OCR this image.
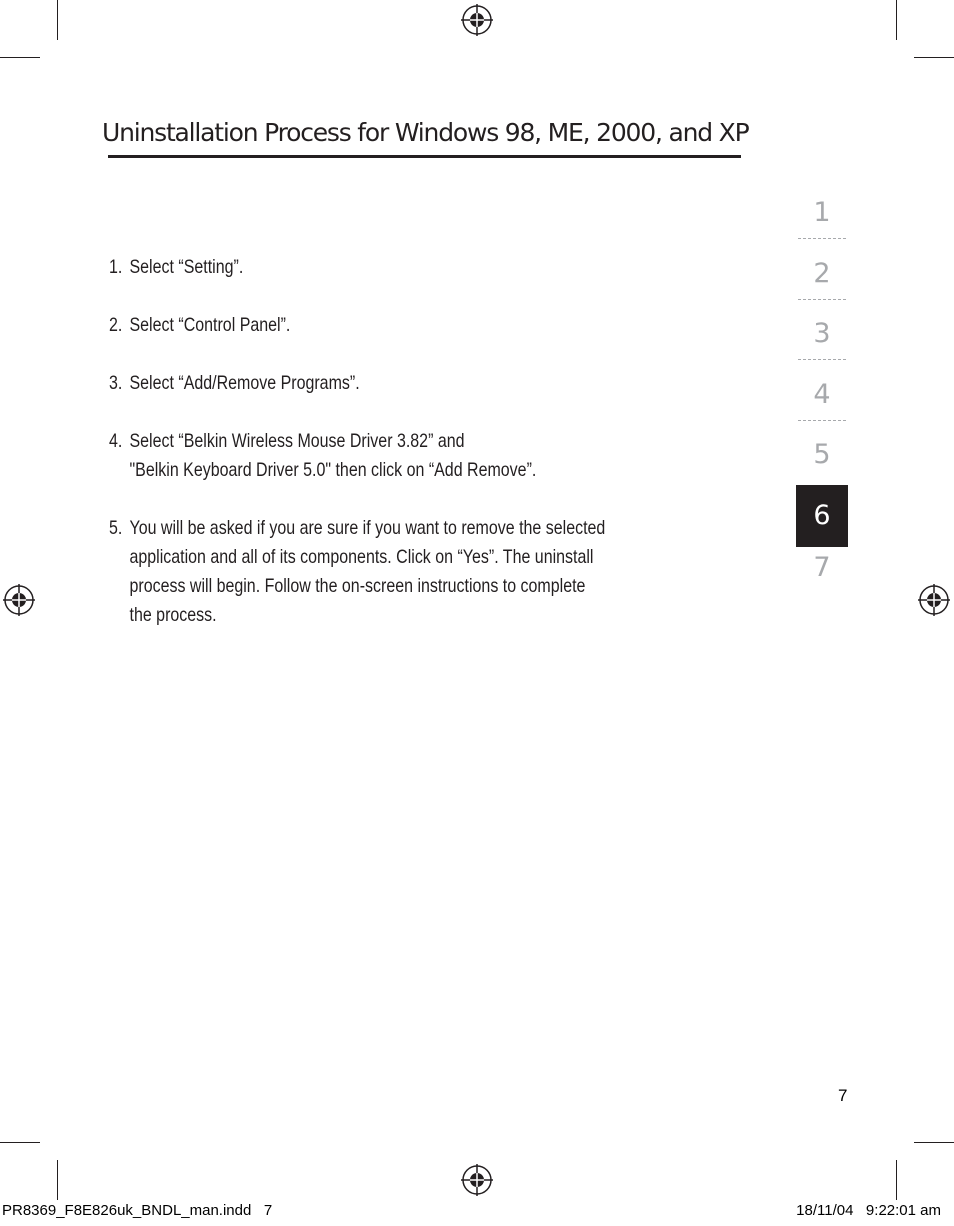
Uninstallation Process for Windows 98, ME, 2000, and XP
1. Select “Setting”.
2. Select “Control Panel”.
3. Select “Add/Remove Programs”.
4. Select “Belkin Wireless Mouse Driver 3.82” and
"Belkin Keyboard Driver 5.0" then click on “Add Remove”.
5. You will be asked if you are sure if you want to remove the selected
application and all of its components. Click on “Yes”. The uninstall
process will begin. Follow the on-screen instructions to complete
the process.
1
2
3
4
5
6
7
7
PR8369_F8E826uk_BNDL_man.indd   7	18/11/04   9:22:01 am
